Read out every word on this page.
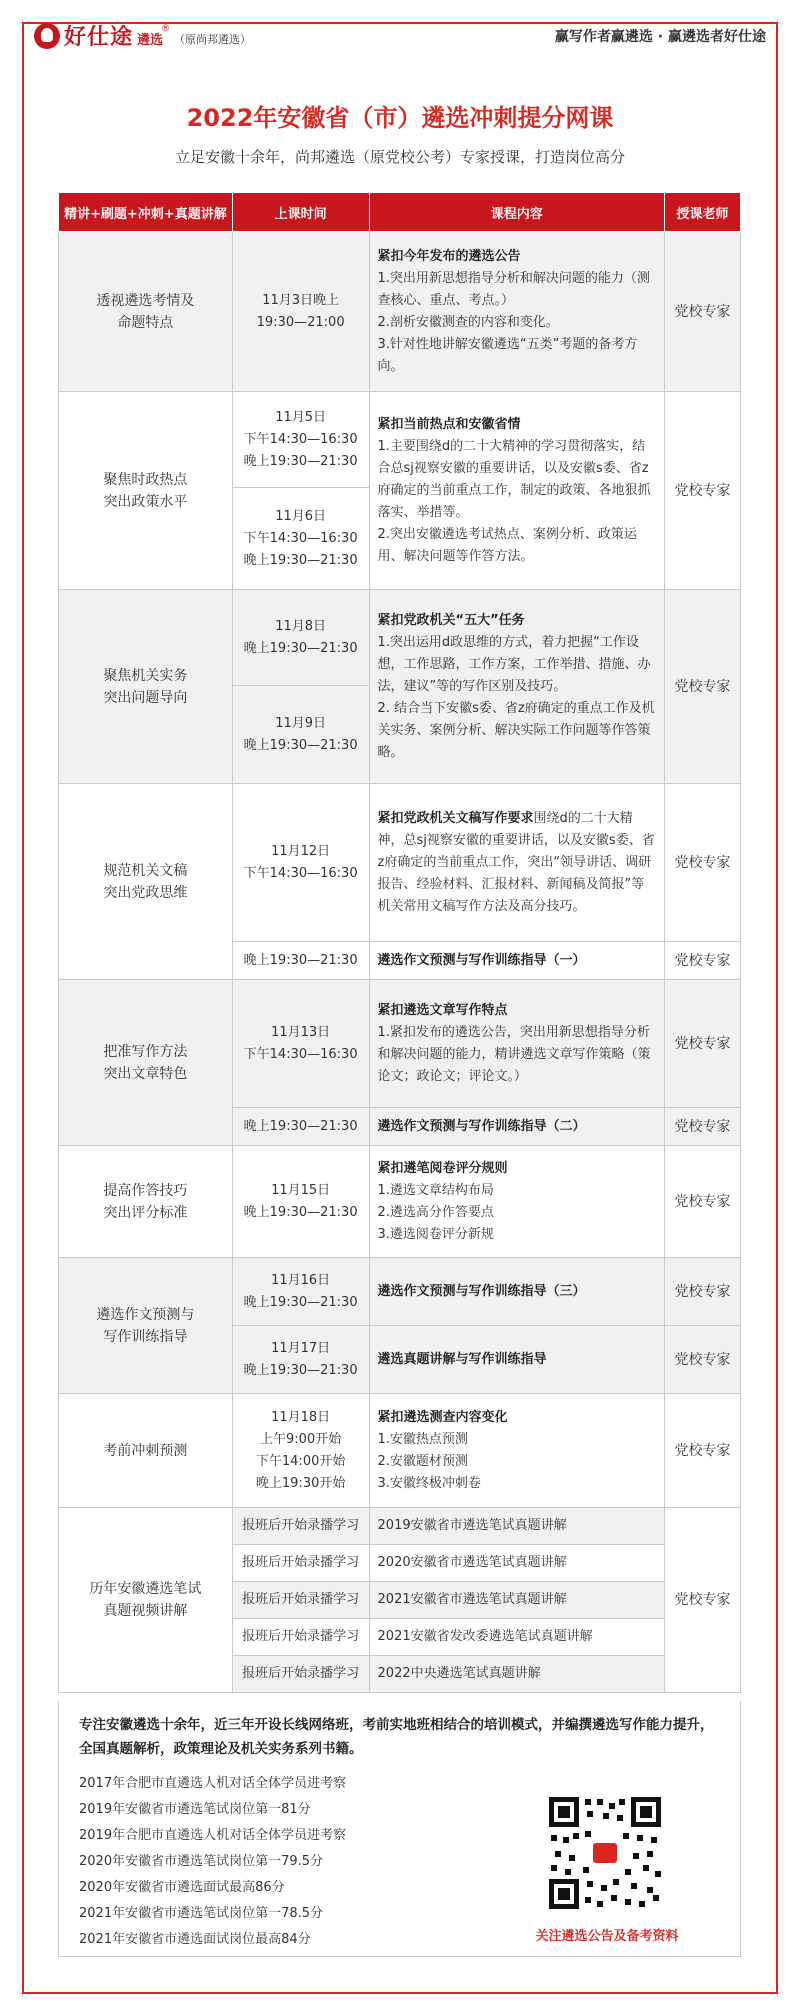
好仕途 遴选
®
（原尚邦遴选）	赢写作者赢遴选 · 赢遴选者好仕途
2022年安徽省（市）遴选冲刺提分网课
立足安徽十余年，尚邦遴选（原党校公考）专家授课，打造岗位高分
精讲+刷题+冲刺+真题讲解	上课时间	课程内容	授课老师

透视遴选考情及
命题特点	11月3日晚上
19:30—21:00	紧扣今年发布的遴选公告
1.突出用新思想指导分析和解决问题的能力（测查核心、重点、考点。）
2.剖析安徽测查的内容和变化。
3.针对性地讲解安徽遴选“五类”考题的备考方向。	党校专家

聚焦时政热点
突出政策水平	11月5日
下午14:30—16:30
晚上19:30—21:30	紧扣当前热点和安徽省情
1.主要围绕d的二十大精神的学习贯彻落实，结合总sj视察安徽的重要讲话，以及安徽s委、省z府确定的当前重点工作，制定的政策、各地狠抓落实、举措等。
2.突出安徽遴选考试热点、案例分析、政策运用、解决问题等作答方法。	党校专家

	11月6日
下午14:30—16:30
晚上19:30—21:30		

聚焦机关实务
突出问题导向	11月8日
晚上19:30—21:30	紧扣党政机关“五大”任务
1.突出运用d政思维的方式，着力把握“工作设想，工作思路，工作方案，工作举措、措施、办法，建议”等的写作区别及技巧。
2. 结合当下安徽s委、省z府确定的重点工作及机关实务、案例分析、解决实际工作问题等作答策略。	党校专家

	11月9日
晚上19:30—21:30		

规范机关文稿
突出党政思维	11月12日
下午14:30—16:30	紧扣党政机关文稿写作要求围绕d的二十大精神，总sj视察安徽的重要讲话，以及安徽s委、省z府确定的当前重点工作，突出“领导讲话、调研报告、经验材料、汇报材料、新闻稿及简报”等机关常用文稿写作方法及高分技巧。	党校专家
	晚上19:30—21:30	遴选作文预测与写作训练指导（一）	党校专家

把准写作方法
突出文章特色	11月13日
下午14:30—16:30	紧扣遴选文章写作特点
1.紧扣发布的遴选公告，突出用新思想指导分析和解决问题的能力，精讲遴选文章写作策略（策论文；政论文；评论文。）	党校专家
	晚上19:30—21:30	遴选作文预测与写作训练指导（二）	党校专家

提高作答技巧
突出评分标准	11月15日
晚上19:30—21:30	紧扣遴笔阅卷评分规则
1.遴选文章结构布局
2.遴选高分作答要点
3.遴选阅卷评分新规	党校专家

遴选作文预测与
写作训练指导	11月16日
晚上19:30—21:30	遴选作文预测与写作训练指导（三）	党校专家

	11月17日
晚上19:30—21:30	遴选真题讲解与写作训练指导	党校专家

考前冲刺预测	11月18日
上午9:00开始
下午14:00开始
晚上19:30开始	紧扣遴选测查内容变化
1.安徽热点预测
2.安徽题材预测
3.安徽终极冲刺卷	党校专家

历年安徽遴选笔试
真题视频讲解	报班后开始录播学习	2019安徽省市遴选笔试真题讲解	党校专家
	报班后开始录播学习	2020安徽省市遴选笔试真题讲解	
	报班后开始录播学习	2021安徽省市遴选笔试真题讲解	
	报班后开始录播学习	2021安徽省发改委遴选笔试真题讲解	
	报班后开始录播学习	2022中央遴选笔试真题讲解	
专注安徽遴选十余年，近三年开设长线网络班，考前实地班相结合的培训模式，并编撰遴选写作能力提升，全国真题解析，政策理论及机关实务系列书籍。
2017年合肥市直遴选人机对话全体学员进考察
2019年安徽省市遴选笔试岗位第一81分
2019年合肥市直遴选人机对话全体学员进考察
2020年安徽省市遴选笔试岗位第一79.5分
2020年安徽省市遴选面试最高86分
2021年安徽省市遴选笔试岗位第一78.5分
2021年安徽省市遴选面试岗位最高84分	关注遴选公告及备考资料
